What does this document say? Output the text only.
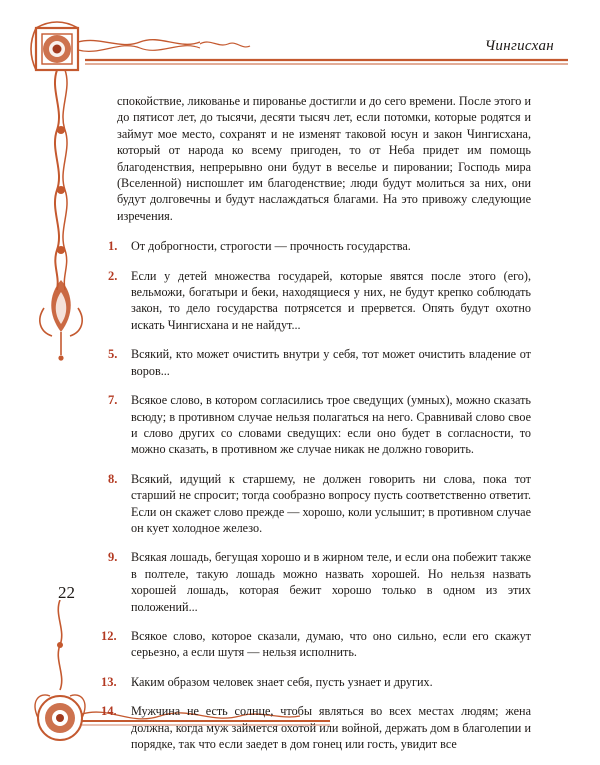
Чингисхан
22

спокойствие, ликованье и пированье достигли и до сего времени. После этого и до пятисот лет, до тысячи, десяти тысяч лет, если потомки, которые родятся и займут мое место, сохранят и не изменят таковой юсун и закон Чингисхана, который от народа ко всему пригоден, то от Неба придет им помощь благоденствия, непрерывно они будут в веселье и пировании; Господь мира (Вселенной) ниспошлет им благоденствие; люди будут молиться за них, они будут долговечны и будут наслаждаться благами. На это привожу следующие изречения.

1. От доброгности, строгости — прочность государства.
2. Если у детей множества государей, которые явятся после этого (его), вельможи, богатыри и беки, находящиеся у них, не будут крепко соблюдать закон, то дело государства потрясется и прервется. Опять будут охотно искать Чингисхана и не найдут...
5. Всякий, кто может очистить внутри у себя, тот может очистить владение от воров...
7. Всякое слово, в котором согласились трое сведущих (умных), можно сказать всюду; в противном случае нельзя полагаться на него. Сравнивай слово свое и слово других со словами сведущих: если оно будет в согласности, то можно сказать, в противном же случае никак не должно говорить.
8. Всякий, идущий к старшему, не должен говорить ни слова, пока тот старший не спросит; тогда сообразно вопросу пусть соответственно ответит. Если он скажет слово прежде — хорошо, коли услышит; в противном случае он кует холодное железо.
9. Всякая лошадь, бегущая хорошо и в жирном теле, и если она побежит также в полтеле, такую лошадь можно назвать хорошей. Но нельзя назвать хорошей лошадь, которая бежит хорошо только в одном из этих положений...
12. Всякое слово, которое сказали, думаю, что оно сильно, если его скажут серьезно, а если шутя — нельзя исполнить.
13. Каким образом человек знает себя, пусть узнает и других.
14. Мужчина не есть солнце, чтобы являться во всех местах людям; жена должна, когда муж займется охотой или войной, держать дом в благолепии и порядке, так что если заедет в дом гонец или гость, увидит все
